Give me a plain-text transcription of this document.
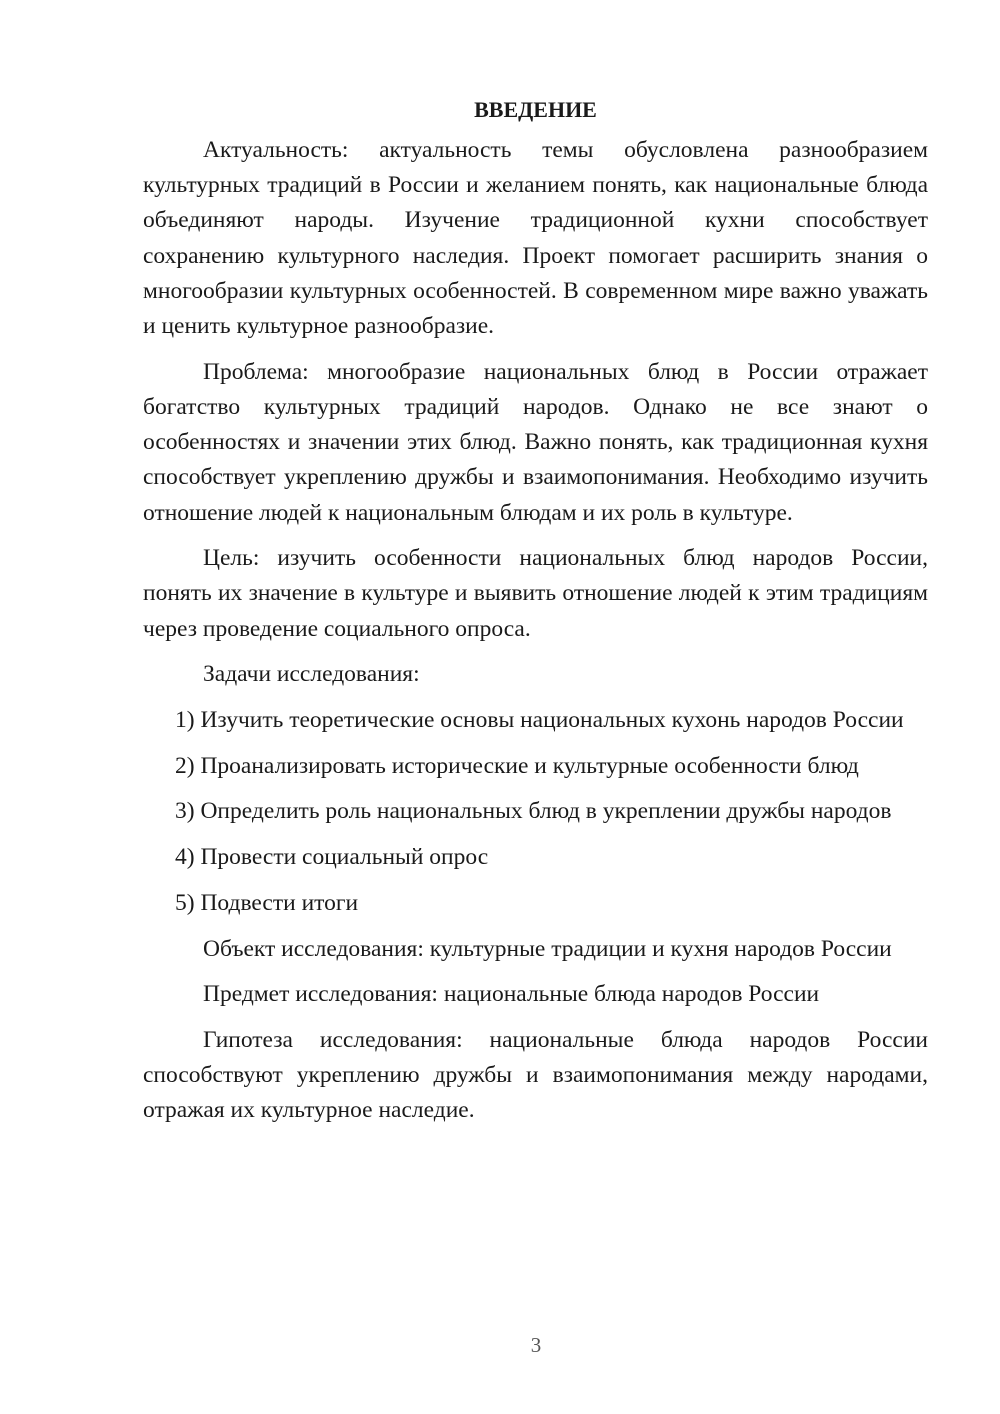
ВВЕДЕНИЕ

Актуальность: актуальность темы обусловлена разнообразием культурных традиций в России и желанием понять, как национальные блюда объединяют народы. Изучение традиционной кухни способствует сохранению культурного наследия. Проект помогает расширить знания о многообразии культурных особенностей. В современном мире важно уважать и ценить культурное разнообразие.

Проблема: многообразие национальных блюд в России отражает богатство культурных традиций народов. Однако не все знают о особенностях и значении этих блюд. Важно понять, как традиционная кухня способствует укреплению дружбы и взаимопонимания. Необходимо изучить отношение людей к национальным блюдам и их роль в культуре.

Цель: изучить особенности национальных блюд народов России, понять их значение в культуре и выявить отношение людей к этим традициям через проведение социального опроса.

Задачи исследования:

1) Изучить теоретические основы национальных кухонь народов России

2) Проанализировать исторические и культурные особенности блюд

3) Определить роль национальных блюд в укреплении дружбы народов

4) Провести социальный опрос

5) Подвести итоги

Объект исследования: культурные традиции и кухня народов России

Предмет исследования: национальные блюда народов России

Гипотеза исследования: национальные блюда народов России способствуют укреплению дружбы и взаимопонимания между народами, отражая их культурное наследие.

3
